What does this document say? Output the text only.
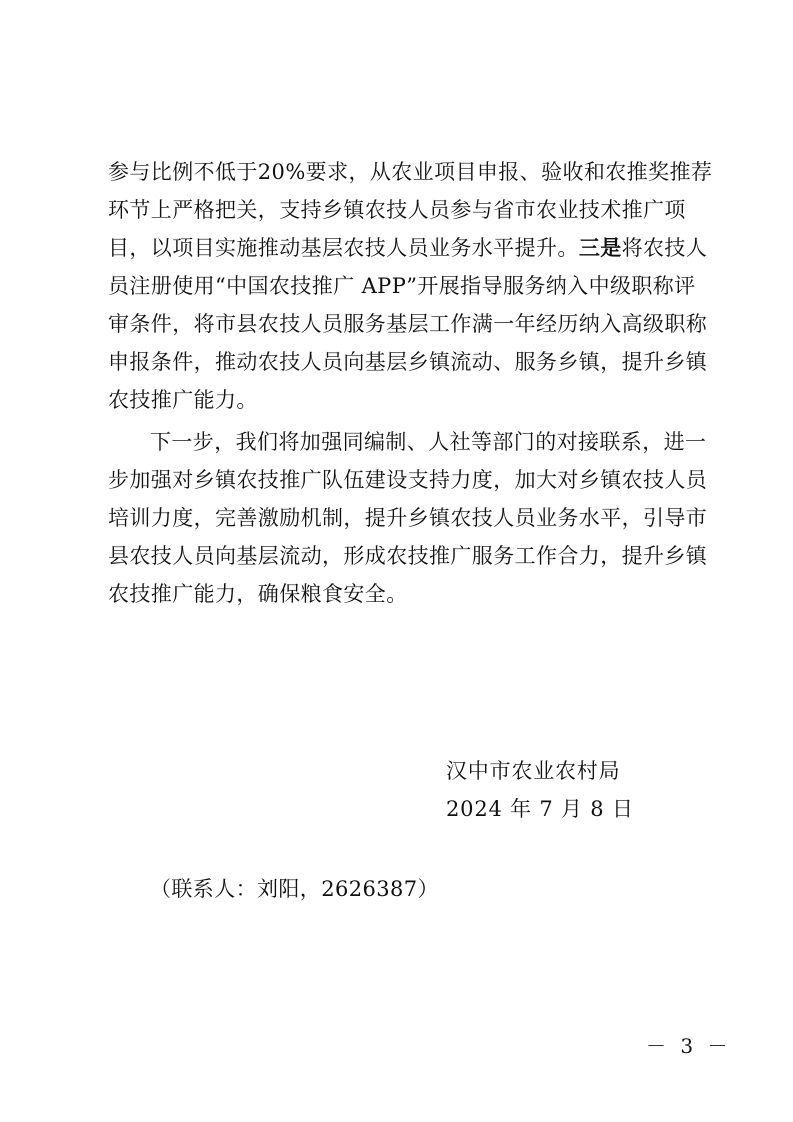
参与比例不低于20%要求，从农业项目申报、验收和农推奖推荐
环节上严格把关，支持乡镇农技人员参与省市农业技术推广项
目，以项目实施推动基层农技人员业务水平提升。三是将农技人
员注册使用“中国农技推广 APP”开展指导服务纳入中级职称评
审条件，将市县农技人员服务基层工作满一年经历纳入高级职称
申报条件，推动农技人员向基层乡镇流动、服务乡镇，提升乡镇
农技推广能力。
下一步，我们将加强同编制、人社等部门的对接联系，进一
步加强对乡镇农技推广队伍建设支持力度，加大对乡镇农技人员
培训力度，完善激励机制，提升乡镇农技人员业务水平，引导市
县农技人员向基层流动，形成农技推广服务工作合力，提升乡镇
农技推广能力，确保粮食安全。
汉中市农业农村局
2024 年 7 月 8 日
（联系人：刘阳，2626387）
－ 3 －
